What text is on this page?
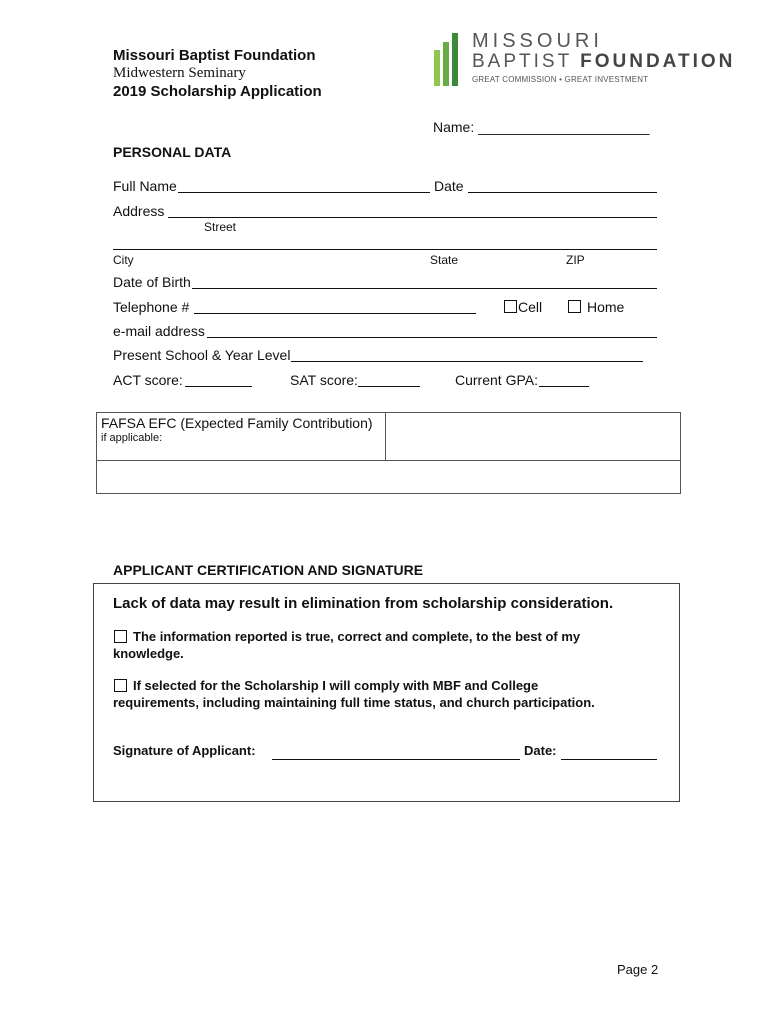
Missouri Baptist Foundation
Midwestern Seminary
2019 Scholarship Application
MISSOURI
BAPTIST FOUNDATION
GREAT COMMISSION • GREAT INVESTMENT
Name: ______________________
PERSONAL DATA
Full Name	Date
Address
Street
City	State	ZIP
Date of Birth
Telephone #	Cell	Home
e-mail address
Present School & Year Level
ACT score:	SAT score:	Current GPA:
FAFSA EFC (Expected Family Contribution)
if applicable:
APPLICANT CERTIFICATION AND SIGNATURE
Lack of data may result in elimination from scholarship consideration.
The information reported is true, correct and complete, to the best of my
knowledge.
If selected for the Scholarship I will comply with MBF and College
requirements, including maintaining full time status, and church participation.
Signature of Applicant:	Date:
Page 2
